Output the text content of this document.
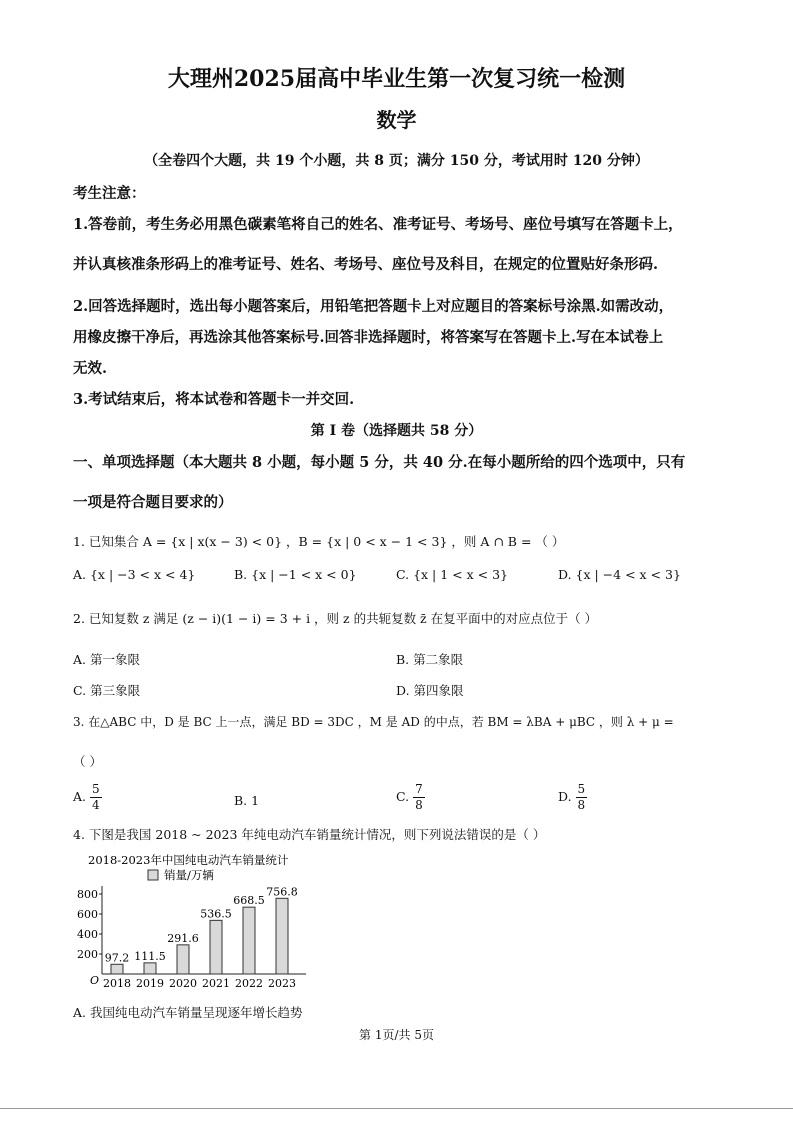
大理州2025届高中毕业生第一次复习统一检测
数学
（全卷四个大题，共 19 个小题，共 8 页；满分 150 分，考试用时 120 分钟）
考生注意：
1.答卷前，考生务必用黑色碳素笔将自己的姓名、准考证号、考场号、座位号填写在答题卡上，
并认真核准条形码上的准考证号、姓名、考场号、座位号及科目，在规定的位置贴好条形码.
2.回答选择题时，选出每小题答案后，用铅笔把答题卡上对应题目的答案标号涂黑.如需改动，
用橡皮擦干净后，再选涂其他答案标号.回答非选择题时，将答案写在答题卡上.写在本试卷上
无效.
3.考试结束后，将本试卷和答题卡一并交回.
第 I 卷（选择题共 58 分）
一、单项选择题（本大题共 8 小题，每小题 5 分，共 40 分.在每小题所给的四个选项中，只有
一项是符合题目要求的）
1. 已知集合 A = {x | x(x − 3) < 0} ，B = {x | 0 < x − 1 < 3} ，则 A ∩ B = （ ）
A. {x | −3 < x < 4}	B. {x | −1 < x < 0}	C. {x | 1 < x < 3}	D. {x | −4 < x < 3}
2. 已知复数 z 满足 (z − i)(1 − i) = 3 + i ，则 z 的共轭复数 z̄ 在复平面中的对应点位于（ ）
A. 第一象限	B. 第二象限
C. 第三象限	D. 第四象限
3. 在△ABC 中，D 是 BC 上一点，满足 BD = 3DC ，M 是 AD 的中点，若 BM = λBA + μBC ，则 λ + μ =
（ ）
A. $\frac{5}{4}$	B. 1	C. $\frac{7}{8}$	D. $\frac{5}{8}$
4. 下图是我国 2018 ~ 2023 年纯电动汽车销量统计情况，则下列说法错误的是（ ）
2018-2023年中国纯电动汽车销量统计
销量/万辆
O
200
400
600
800
97.2
2018
111.5
2019
291.6
2020
536.5
2021
668.5
2022
756.8
2023
A. 我国纯电动汽车销量呈现逐年增长趋势
第 1页/共 5页
